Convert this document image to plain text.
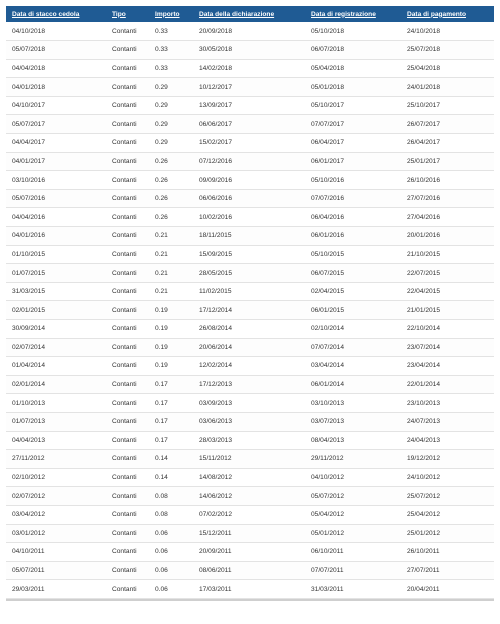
Data di stacco cedola	Tipo	Importo	Data della dichiarazione	Data di registrazione	Data di pagamento
04/10/2018	Contanti	0.33	20/09/2018	05/10/2018	24/10/2018
05/07/2018	Contanti	0.33	30/05/2018	06/07/2018	25/07/2018
04/04/2018	Contanti	0.33	14/02/2018	05/04/2018	25/04/2018
04/01/2018	Contanti	0.29	10/12/2017	05/01/2018	24/01/2018
04/10/2017	Contanti	0.29	13/09/2017	05/10/2017	25/10/2017
05/07/2017	Contanti	0.29	06/06/2017	07/07/2017	26/07/2017
04/04/2017	Contanti	0.29	15/02/2017	06/04/2017	26/04/2017
04/01/2017	Contanti	0.26	07/12/2016	06/01/2017	25/01/2017
03/10/2016	Contanti	0.26	09/09/2016	05/10/2016	26/10/2016
05/07/2016	Contanti	0.26	06/06/2016	07/07/2016	27/07/2016
04/04/2016	Contanti	0.26	10/02/2016	06/04/2016	27/04/2016
04/01/2016	Contanti	0.21	18/11/2015	06/01/2016	20/01/2016
01/10/2015	Contanti	0.21	15/09/2015	05/10/2015	21/10/2015
01/07/2015	Contanti	0.21	28/05/2015	06/07/2015	22/07/2015
31/03/2015	Contanti	0.21	11/02/2015	02/04/2015	22/04/2015
02/01/2015	Contanti	0.19	17/12/2014	06/01/2015	21/01/2015
30/09/2014	Contanti	0.19	26/08/2014	02/10/2014	22/10/2014
02/07/2014	Contanti	0.19	20/06/2014	07/07/2014	23/07/2014
01/04/2014	Contanti	0.19	12/02/2014	03/04/2014	23/04/2014
02/01/2014	Contanti	0.17	17/12/2013	06/01/2014	22/01/2014
01/10/2013	Contanti	0.17	03/09/2013	03/10/2013	23/10/2013
01/07/2013	Contanti	0.17	03/06/2013	03/07/2013	24/07/2013
04/04/2013	Contanti	0.17	28/03/2013	08/04/2013	24/04/2013
27/11/2012	Contanti	0.14	15/11/2012	29/11/2012	19/12/2012
02/10/2012	Contanti	0.14	14/08/2012	04/10/2012	24/10/2012
02/07/2012	Contanti	0.08	14/06/2012	05/07/2012	25/07/2012
03/04/2012	Contanti	0.08	07/02/2012	05/04/2012	25/04/2012
03/01/2012	Contanti	0.06	15/12/2011	05/01/2012	25/01/2012
04/10/2011	Contanti	0.06	20/09/2011	06/10/2011	26/10/2011
05/07/2011	Contanti	0.06	08/06/2011	07/07/2011	27/07/2011
29/03/2011	Contanti	0.06	17/03/2011	31/03/2011	20/04/2011
